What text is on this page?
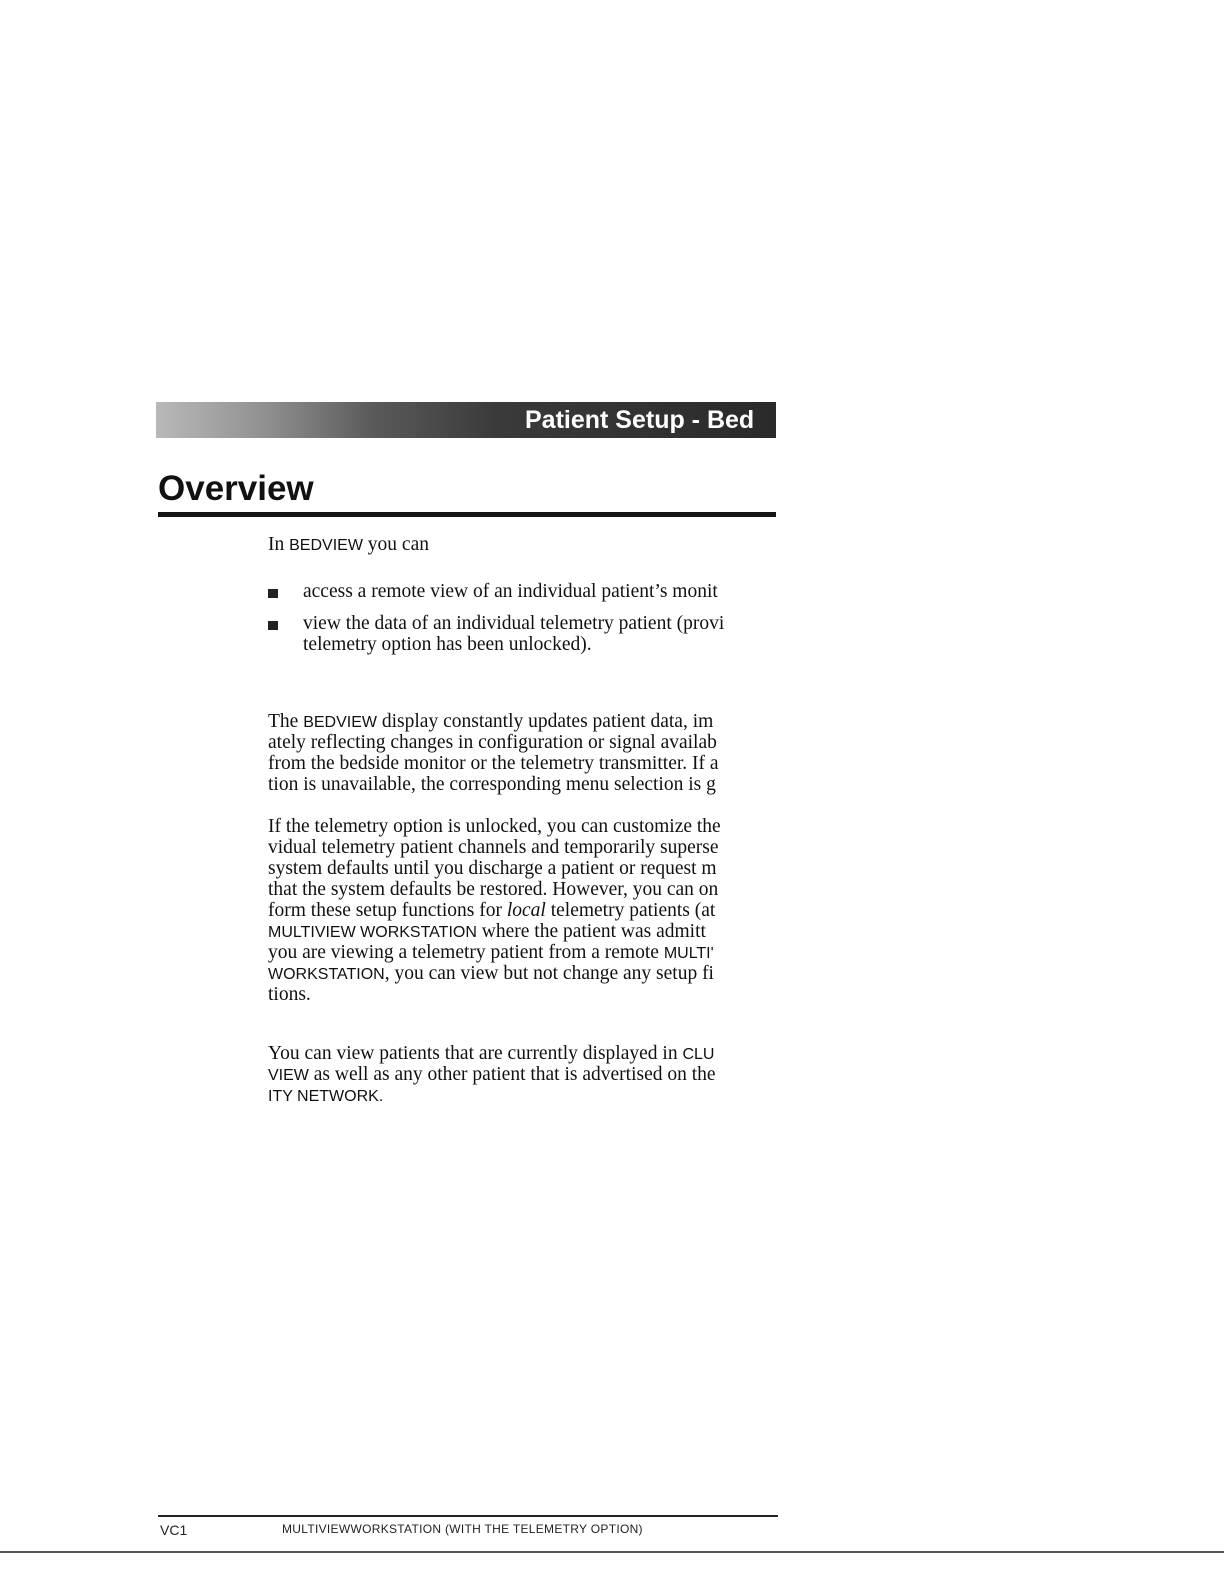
Patient Setup - Bed
Overview
In BEDVIEW you can
access a remote view of an individual patient’s monit
view the data of an individual telemetry patient (provi
telemetry option has been unlocked).
The BEDVIEW display constantly updates patient data, im
ately reflecting changes in configuration or signal availab
from the bedside monitor or the telemetry transmitter. If a
tion is unavailable, the corresponding menu selection is g
If the telemetry option is unlocked, you can customize the
vidual telemetry patient channels and temporarily superse
system defaults until you discharge a patient or request m
that the system defaults be restored. However, you can on
form these setup functions for local telemetry patients (at
MULTIVIEW WORKSTATION where the patient was admitt
you are viewing a telemetry patient from a remote MULTI'
WORKSTATION, you can view but not change any setup fi
tions.
You can view patients that are currently displayed in CLU
VIEW as well as any other patient that is advertised on the
ITY NETWORK.
VC1	MULTIVIEWWORKSTATION (WITH THE TELEMETRY OPTION)
